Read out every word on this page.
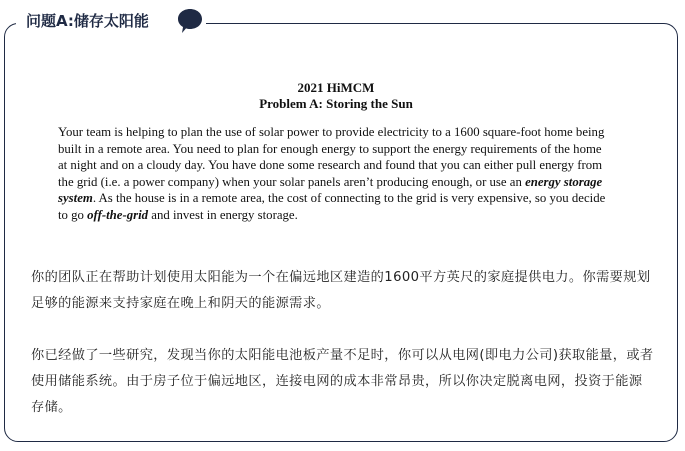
问题A:储存太阳能

2021 HiMCM

Problem A: Storing the Sun

Your team is helping to plan the use of solar power to provide electricity to a 1600 square-foot home being built in a remote area. You need to plan for enough energy to support the energy requirements of the home at night and on a cloudy day. You have done some research and found that you can either pull energy from the grid (i.e. a power company) when your solar panels aren’t producing enough, or use an energy storage system. As the house is in a remote area, the cost of connecting to the grid is very expensive, so you decide to go off-the-grid and invest in energy storage.

你的团队正在帮助计划使用太阳能为一个在偏远地区建造的1600平方英尺的家庭提供电力。你需要规划足够的能源来支持家庭在晚上和阴天的能源需求。

你已经做了一些研究，发现当你的太阳能电池板产量不足时，你可以从电网(即电力公司)获取能量，或者使用储能系统。由于房子位于偏远地区，连接电网的成本非常昂贵，所以你决定脱离电网，投资于能源存储。
